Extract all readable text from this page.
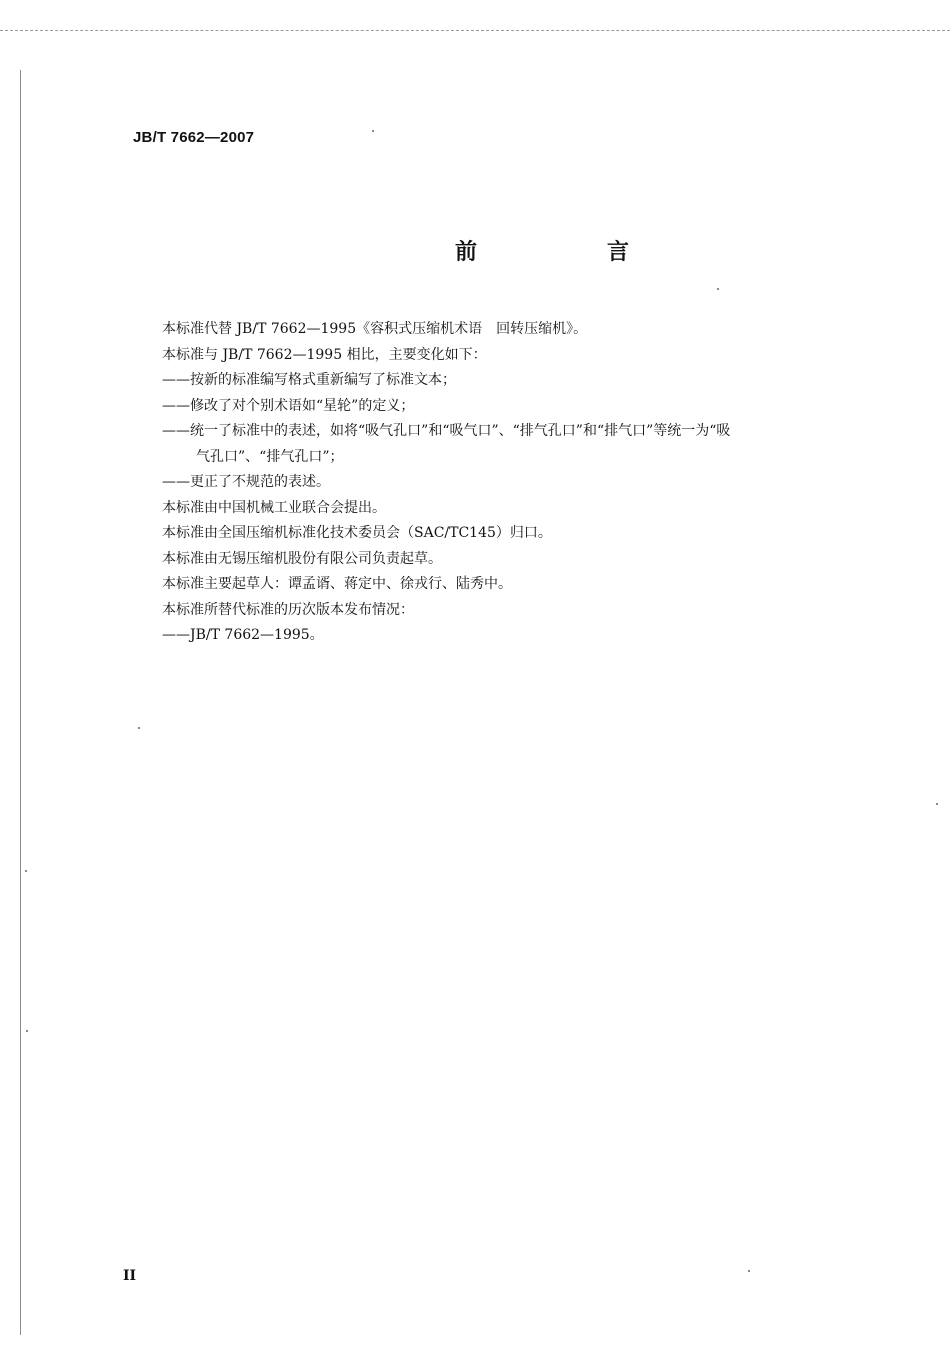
JB/T 7662—2007
前　言

本标准代替 JB/T 7662—1995《容积式压缩机术语　回转压缩机》。

本标准与 JB/T 7662—1995 相比，主要变化如下：

——按新的标准编写格式重新编写了标准文本；

——修改了对个别术语如“星轮”的定义；

——统一了标准中的表述，如将“吸气孔口”和“吸气口”、“排气孔口”和“排气口”等统一为“吸

气孔口”、“排气孔口”；

——更正了不规范的表述。

本标准由中国机械工业联合会提出。

本标准由全国压缩机标准化技术委员会（SAC/TC145）归口。

本标准由无锡压缩机股份有限公司负责起草。

本标准主要起草人：谭孟谞、蒋定中、徐戎行、陆秀中。

本标准所替代标准的历次版本发布情况：

——JB/T 7662—1995。

II
